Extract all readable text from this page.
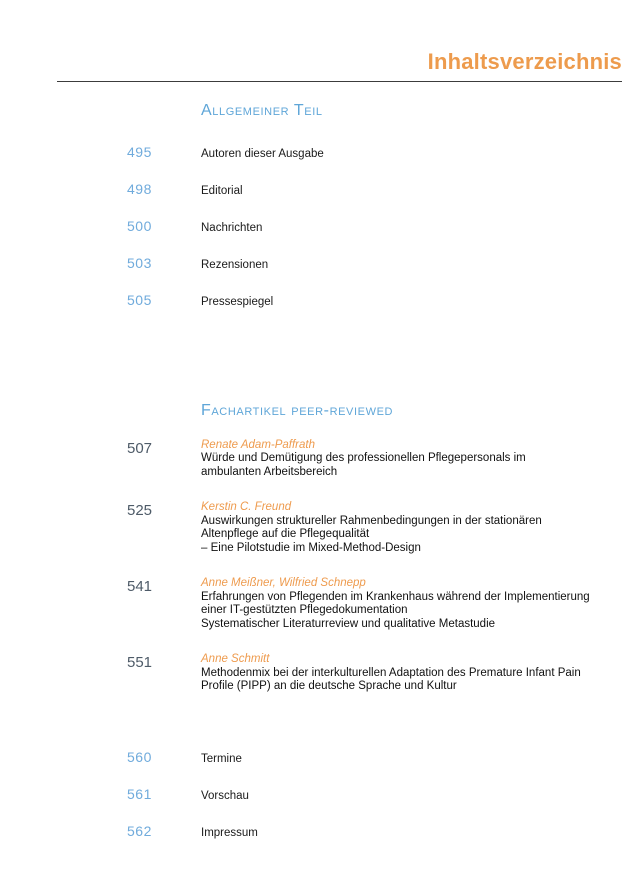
Inhaltsverzeichnis
Allgemeiner Teil
495	Autoren dieser Ausgabe
498	Editorial
500	Nachrichten
503	Rezensionen
505	Pressespiegel
Fachartikel peer-reviewed
507	Renate Adam-Paffrath
Würde und Demütigung des professionellen Pflegepersonals im
ambulanten Arbeitsbereich
525	Kerstin C. Freund
Auswirkungen struktureller Rahmenbedingungen in der stationären
Altenpflege auf die Pflegequalität
– Eine Pilotstudie im Mixed-Method-Design
541	Anne Meißner, Wilfried Schnepp
Erfahrungen von Pflegenden im Krankenhaus während der Implementierung
einer IT-gestützten Pflegedokumentation
Systematischer Literaturreview und qualitative Metastudie
551	Anne Schmitt
Methodenmix bei der interkulturellen Adaptation des Premature Infant Pain
Profile (PIPP) an die deutsche Sprache und Kultur
560	Termine
561	Vorschau
562	Impressum
